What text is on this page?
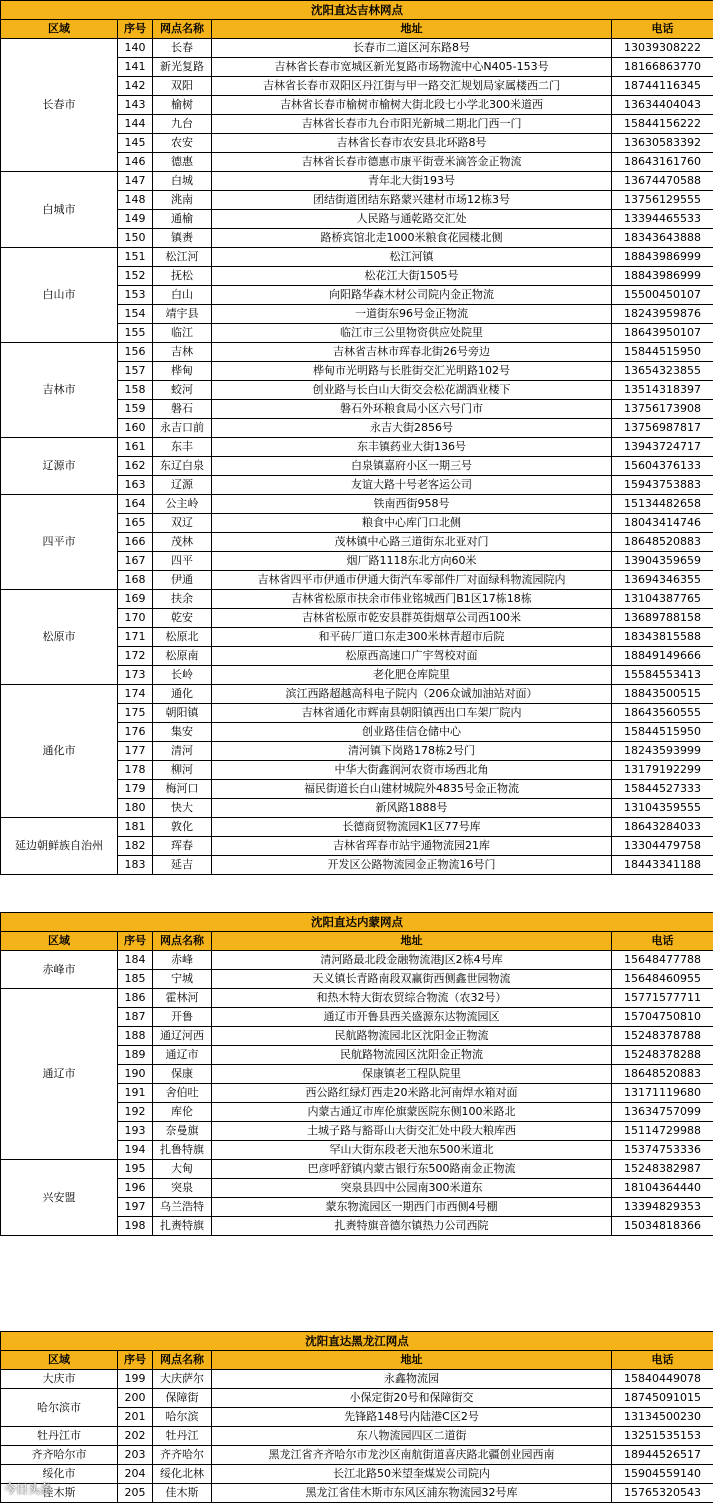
沈阳直达吉林网点				
区域	序号	网点名称	地址	电话
长春市	140	长春	长春市二道区河东路8号	13039308222
	141	新光复路	吉林省长春市宽城区新光复路市场物流中心N405-153号	18166863770
	142	双阳	吉林省长春市双阳区丹江街与甲一路交汇规划局家属楼西二门	18744116345
	143	榆树	吉林省长春市榆树市榆树大街北段七小学北300米道西	13634404043
	144	九台	吉林省长春市九台市阳光新城二期北门西一门	15844156222
	145	农安	吉林省长春市农安县北环路8号	13630583392
	146	德惠	吉林省长春市德惠市康平街壹米滴答金正物流	18643161760
白城市	147	白城	青年北大街193号	13674470588
	148	洮南	团结街道团结东路蒙兴建材市场12栋3号	13756129555
	149	通榆	人民路与通乾路交汇处	13394465533
	150	镇赉	路桥宾馆北走1000米粮食花园楼北侧	18343643888
白山市	151	松江河	松江河镇	18843986999
	152	抚松	松花江大街1505号	18843986999
	153	白山	向阳路华森木材公司院内金正物流	15500450107
	154	靖宇县	一道街东96号金正物流	18243959876
	155	临江	临江市三公里物资供应处院里	18643950107
吉林市	156	吉林	吉林省吉林市珲春北街26号旁边	15844515950
	157	桦甸	桦甸市光明路与长胜街交汇光明路102号	13654323855
	158	蛟河	创业路与长白山大街交会松花湖酒业楼下	13514318397
	159	磐石	磐石外环粮食局小区六号门市	13756173908
	160	永吉口前	永吉大街2856号	13756987817
辽源市	161	东丰	东丰镇药业大街136号	13943724717
	162	东辽白泉	白泉镇嘉府小区一期三号	15604376133
	163	辽源	友谊大路十号老客运公司	15943753883
四平市	164	公主岭	铁南西街958号	15134482658
	165	双辽	粮食中心库门口北侧	18043414746
	166	茂林	茂林镇中心路三道街东北亚对门	18648520883
	167	四平	烟厂路1118东北方向60米	13904359659
	168	伊通	吉林省四平市伊通市伊通大街汽车零部件厂对面绿科物流园院内	13694346355
松原市	169	扶余	吉林省松原市扶余市伟业铭城西门B1区17栋18栋	13104387765
	170	乾安	吉林省松原市乾安县群英街烟草公司西100米	13689788158
	171	松原北	和平砖厂道口东走300米林青超市后院	18343815588
	172	松原南	松原西高速口广宇驾校对面	18849149666
	173	长岭	老化肥仓库院里	15584553413
通化市	174	通化	滨江西路超越高科电子院内（206众诚加油站对面）	18843500515
	175	朝阳镇	吉林省通化市辉南县朝阳镇西出口车架厂院内	18643560555
	176	集安	创业路佳信仓储中心	15844515950
	177	清河	清河镇下岗路178栋2号门	18243593999
	178	柳河	中华大街鑫润河农资市场西北角	13179192299
	179	梅河口	福民街道长白山建材城院外4835号金正物流	15844527333
	180	快大	新风路1888号	13104359555
延边朝鲜族自治州	181	敦化	长德商贸物流园K1区77号库	18643284033
	182	珲春	吉林省珲春市站宇通物流园21库	13304479758
	183	延吉	开发区公路物流园金正物流16号门	18443341188
沈阳直达内蒙网点				
区域	序号	网点名称	地址	电话
赤峰市	184	赤峰	清河路最北段金融物流港J区2栋4号库	15648477788
	185	宁城	天义镇长青路南段双赢街西侧鑫世园物流	15648460955
通辽市	186	霍林河	和热木特大街农贸综合物流（农32号）	15771577711
	187	开鲁	通辽市开鲁县西关盛源东达物流园区	15704750810
	188	通辽河西	民航路物流园北区沈阳金正物流	15248378788
	189	通辽市	民航路物流园区沈阳金正物流	15248378288
	190	保康	保康镇老工程队院里	18648520883
	191	舍伯吐	西公路红绿灯西走20米路北河南焊水箱对面	13171119680
	192	库伦	内蒙古通辽市库伦旗蒙医院东侧100米路北	13634757099
	193	奈曼旗	土城子路与豁哥山大街交汇处中段大粮库西	15114729988
	194	扎鲁特旗	罕山大街东段老天池东500米道北	15374753336
兴安盟	195	大甸	巴彦呼舒镇内蒙古银行东500路南金正物流	15248382987
	196	突泉	突泉县四中公园南300米道东	18104364440
	197	乌兰浩特	蒙东物流园区一期西门市西侧4号棚	13394829353
	198	扎赉特旗	扎赉特旗音德尔镇热力公司西院	15034818366
沈阳直达黑龙江网点				
区域	序号	网点名称	地址	电话
大庆市	199	大庆萨尔	永鑫物流园	15840449078
哈尔滨市	200	保障街	小保定街20号和保障街交	18745091015
	201	哈尔滨	先锋路148号内陆港C区2号	13134500230
牡丹江市	202	牡丹江	东八物流园四区二道街	13251535153
齐齐哈尔市	203	齐齐哈尔	黑龙江省齐齐哈尔市龙沙区南航街道喜庆路北疆创业园西南	18944526517
绥化市	204	绥化北林	长江北路50米望奎煤炭公司院内	15904559140
佳木斯	205	佳木斯	黑龙江省佳木斯市东风区浦东物流园32号库	15765320543
今日头条
